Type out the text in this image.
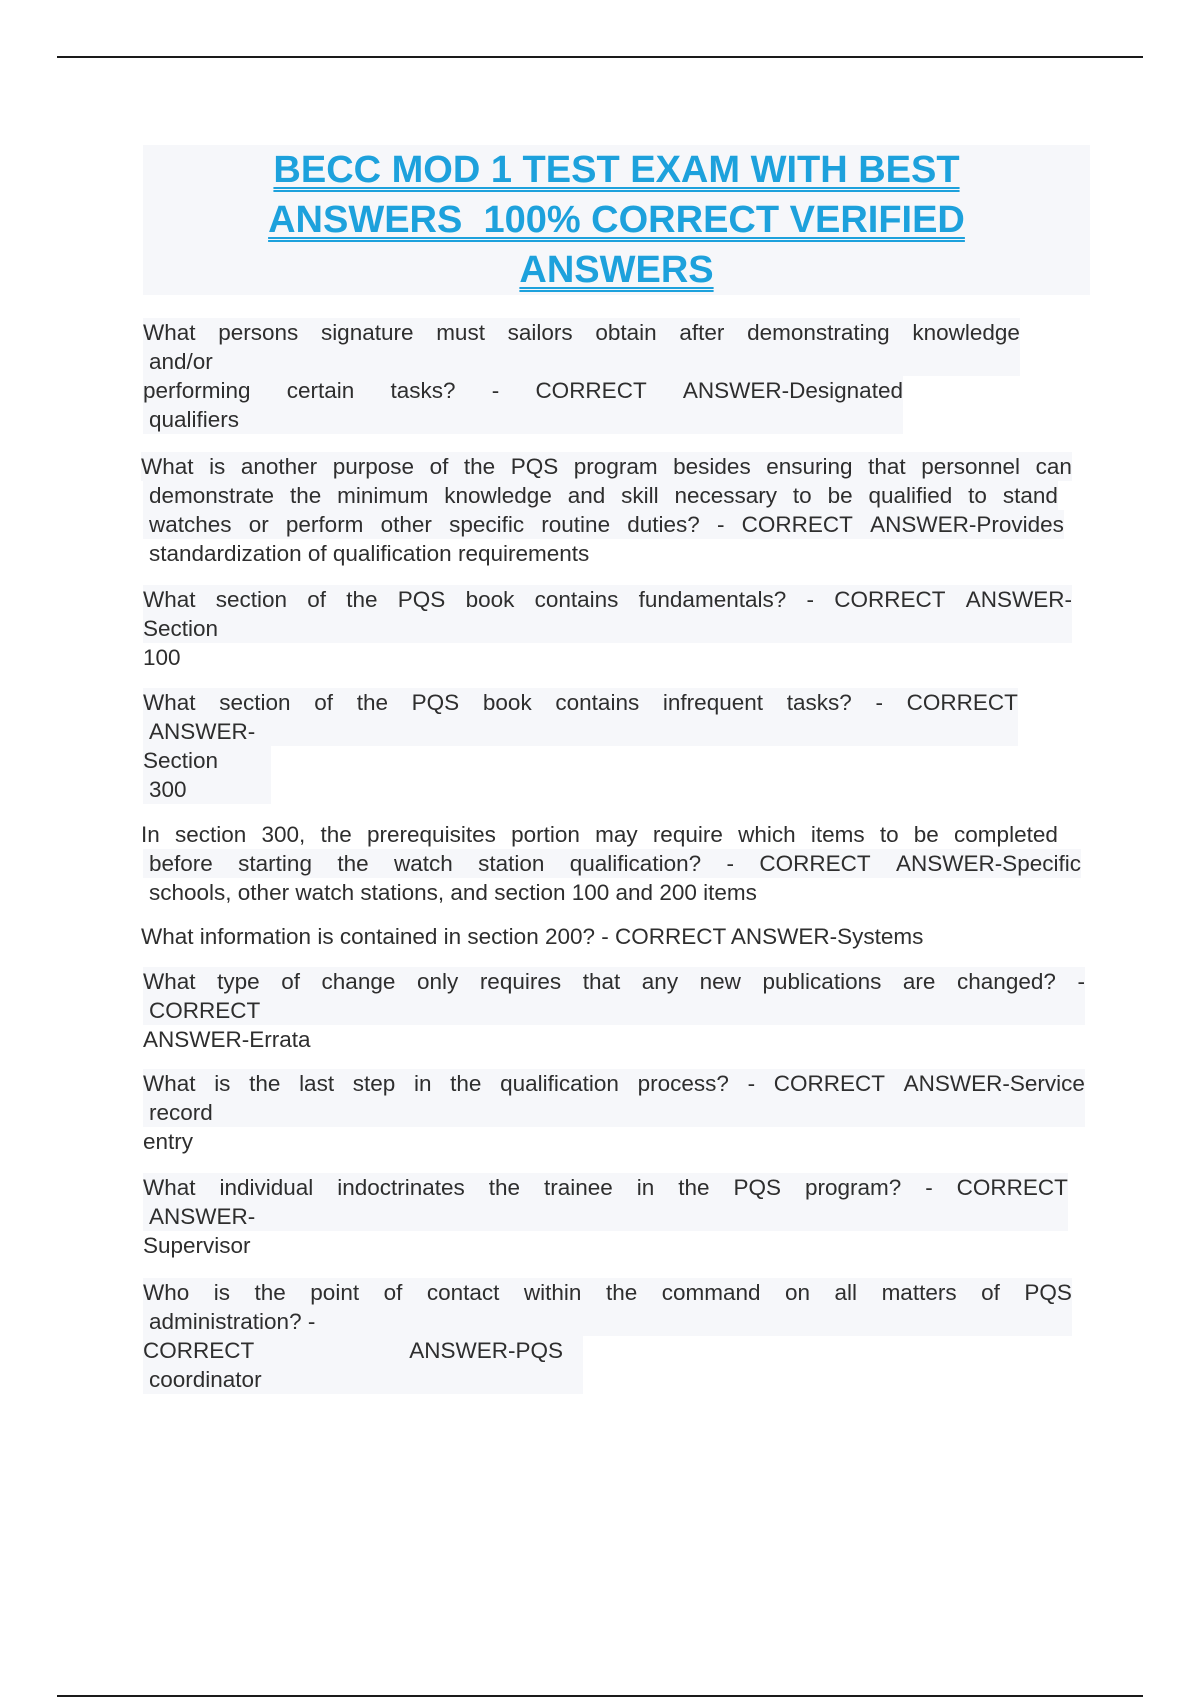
BECC MOD 1 TEST EXAM WITH BEST
ANSWERS  100% CORRECT VERIFIED
ANSWERS
What persons signature must sailors obtain after demonstrating knowledge
and/or
performing certain tasks? - CORRECT ANSWER-Designated
qualifiers
What is another purpose of the PQS program besides ensuring that personnel can
demonstrate the minimum knowledge and skill necessary to be qualified to stand
watches or perform other specific routine duties? - CORRECT ANSWER-Provides
standardization of qualification requirements
What section of the PQS book contains fundamentals? - CORRECT ANSWER-
Section
100
What section of the PQS book contains infrequent tasks? - CORRECT
ANSWER-
Section
300
In section 300, the prerequisites portion may require which items to be completed
before starting the watch station qualification? - CORRECT ANSWER-Specific
schools, other watch stations, and section 100 and 200 items
What information is contained in section 200? - CORRECT ANSWER-Systems
What type of change only requires that any new publications are changed? -
CORRECT
ANSWER-Errata
What is the last step in the qualification process? - CORRECT ANSWER-Service
record
entry
What individual indoctrinates the trainee in the PQS program? - CORRECT
ANSWER-
Supervisor
Who is the point of contact within the command on all matters of PQS
administration? -
CORRECT	ANSWER-PQS
coordinator
